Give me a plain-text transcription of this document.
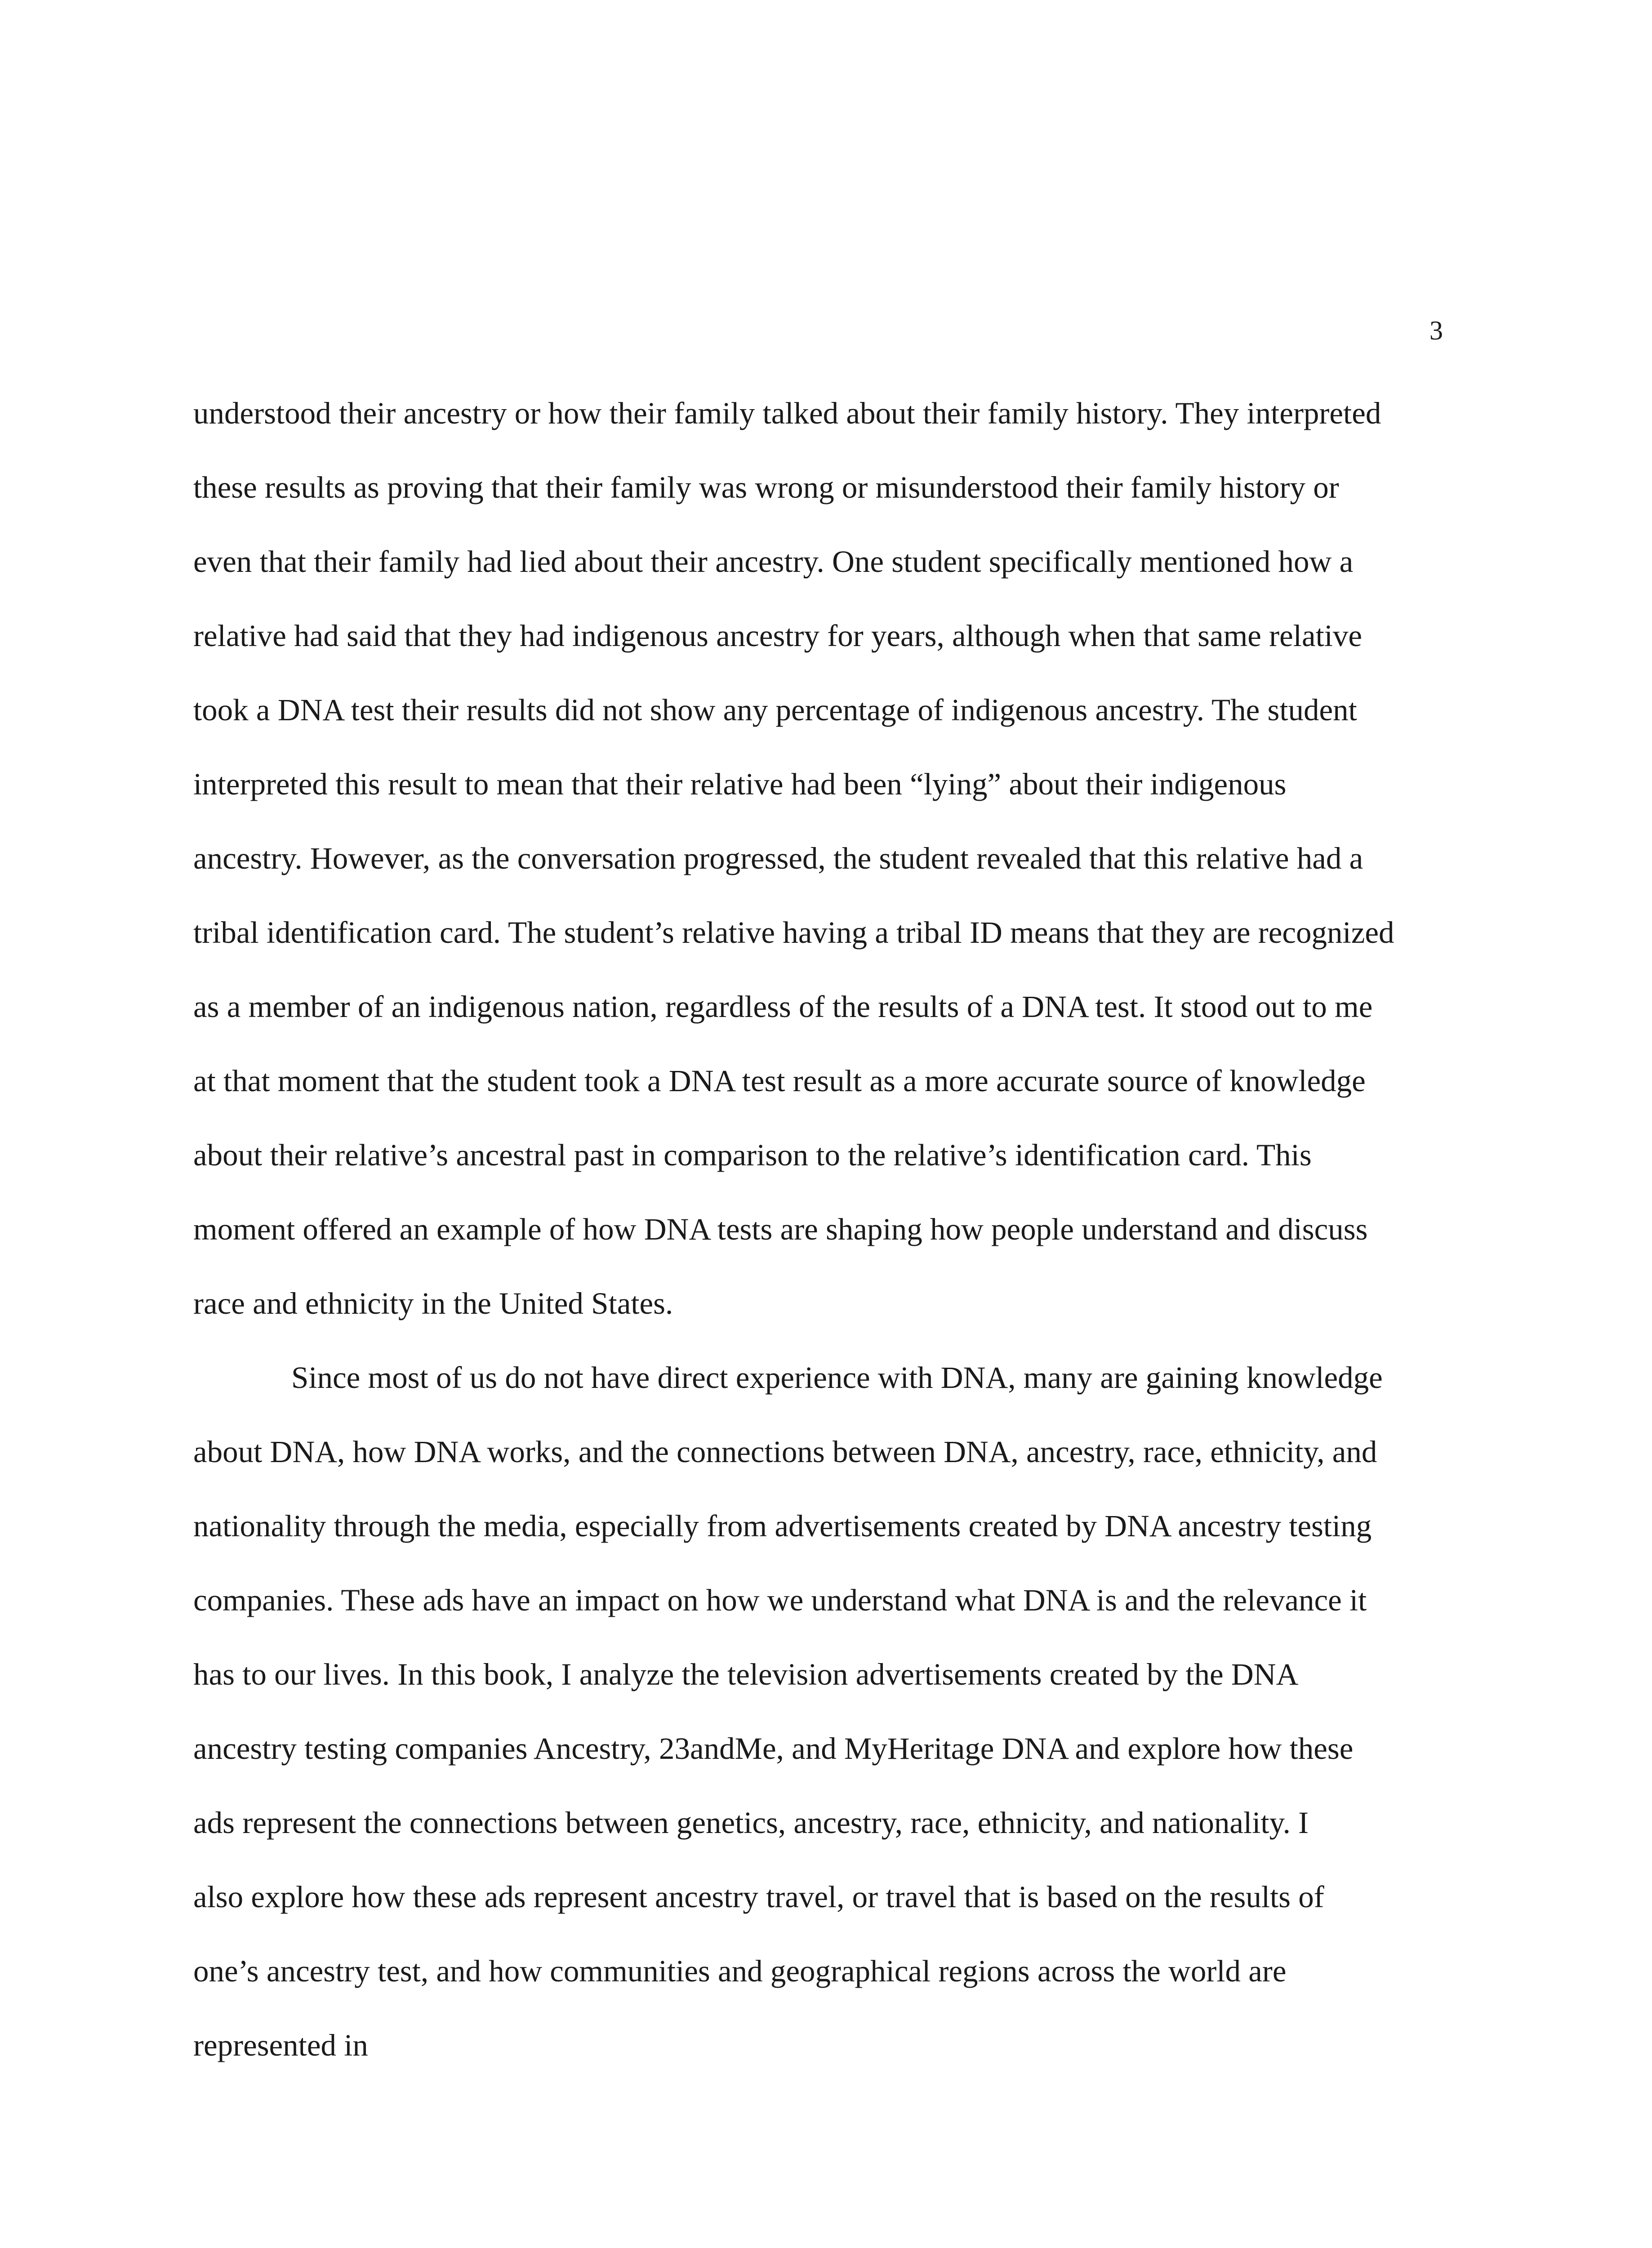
3
understood their ancestry or how their family talked about their family history. They interpreted
these results as proving that their family was wrong or misunderstood their family history or
even that their family had lied about their ancestry. One student specifically mentioned how a
relative had said that they had indigenous ancestry for years, although when that same relative
took a DNA test their results did not show any percentage of indigenous ancestry. The student
interpreted this result to mean that their relative had been “lying” about their indigenous
ancestry. However, as the conversation progressed, the student revealed that this relative had a
tribal identification card. The student’s relative having a tribal ID means that they are recognized
as a member of an indigenous nation, regardless of the results of a DNA test. It stood out to me
at that moment that the student took a DNA test result as a more accurate source of knowledge
about their relative’s ancestral past in comparison to the relative’s identification card. This
moment offered an example of how DNA tests are shaping how people understand and discuss
race and ethnicity in the United States.
Since most of us do not have direct experience with DNA, many are gaining knowledge
about DNA, how DNA works, and the connections between DNA, ancestry, race, ethnicity, and
nationality through the media, especially from advertisements created by DNA ancestry testing
companies. These ads have an impact on how we understand what DNA is and the relevance it
has to our lives. In this book, I analyze the television advertisements created by the DNA
ancestry testing companies Ancestry, 23andMe, and MyHeritage DNA and explore how these
ads represent the connections between genetics, ancestry, race, ethnicity, and nationality. I
also explore how these ads represent ancestry travel, or travel that is based on the results of
one’s ancestry test, and how communities and geographical regions across the world are
represented in
